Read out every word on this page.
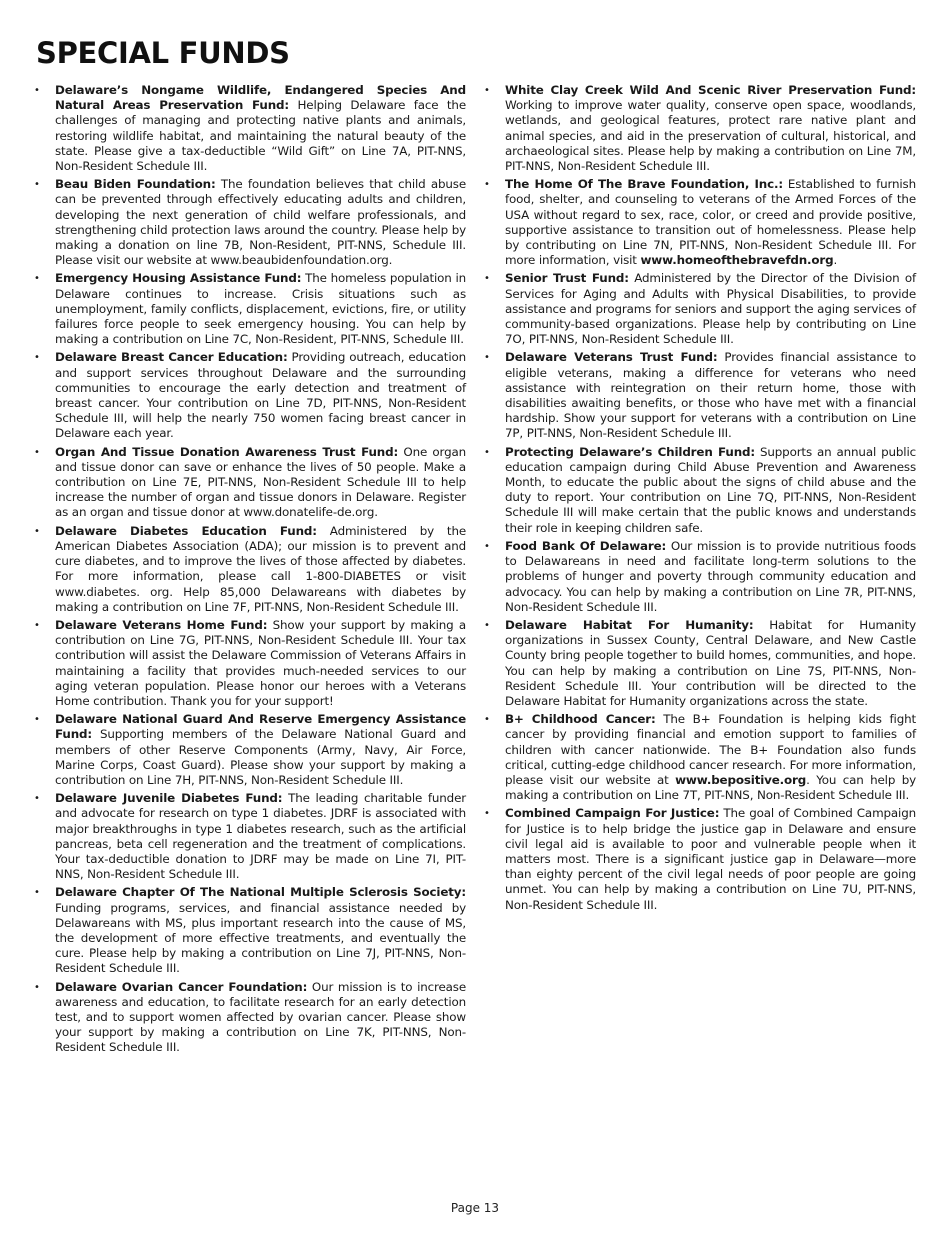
SPECIAL FUNDS
• Delaware’s Nongame Wildlife, Endangered Species And Natural Areas Preservation Fund: Helping Delaware face the challenges of managing and protecting native plants and animals, restoring wildlife habitat, and maintaining the natural beauty of the state. Please give a tax-deductible “Wild Gift” on Line 7A, PIT-NNS, Non-Resident Schedule III.
• Beau Biden Foundation: The foundation believes that child abuse can be prevented through effectively educating adults and children, developing the next generation of child welfare professionals, and strengthening child protection laws around the country. Please help by making a donation on line 7B, Non-Resident, PIT-NNS, Schedule III. Please visit our website at www.beaubidenfoundation.org.
• Emergency Housing Assistance Fund: The homeless population in Delaware continues to increase. Crisis situations such as unemployment, family conflicts, displacement, evictions, fire, or utility failures force people to seek emergency housing. You can help by making a contribution on Line 7C, Non-Resident, PIT-NNS, Schedule III.
• Delaware Breast Cancer Education: Providing outreach, education and support services throughout Delaware and the surrounding communities to encourage the early detection and treatment of breast cancer. Your contribution on Line 7D, PIT-NNS, Non-Resident Schedule III, will help the nearly 750 women facing breast cancer in Delaware each year.
• Organ And Tissue Donation Awareness Trust Fund: One organ and tissue donor can save or enhance the lives of 50 people. Make a contribution on Line 7E, PIT-NNS, Non-Resident Schedule III to help increase the number of organ and tissue donors in Delaware. Register as an organ and tissue donor at www.donatelife-de.org.
• Delaware Diabetes Education Fund: Administered by the American Diabetes Association (ADA); our mission is to prevent and cure diabetes, and to improve the lives of those affected by diabetes. For more information, please call 1-800-DIABETES or visit www.diabetes. org. Help 85,000 Delawareans with diabetes by making a contribution on Line 7F, PIT-NNS, Non-Resident Schedule III.
• Delaware Veterans Home Fund: Show your support by making a contribution on Line 7G, PIT-NNS, Non-Resident Schedule III. Your tax contribution will assist the Delaware Commission of Veterans Affairs in maintaining a facility that provides much-needed services to our aging veteran population. Please honor our heroes with a Veterans Home contribution. Thank you for your support!
• Delaware National Guard And Reserve Emergency Assistance Fund: Supporting members of the Delaware National Guard and members of other Reserve Components (Army, Navy, Air Force, Marine Corps, Coast Guard). Please show your support by making a contribution on Line 7H, PIT-NNS, Non-Resident Schedule III.
• Delaware Juvenile Diabetes Fund: The leading charitable funder and advocate for research on type 1 diabetes. JDRF is associated with major breakthroughs in type 1 diabetes research, such as the artificial pancreas, beta cell regeneration and the treatment of complications. Your tax-deductible donation to JDRF may be made on Line 7I, PIT-NNS, Non-Resident Schedule III.
• Delaware Chapter Of The National Multiple Sclerosis Society: Funding programs, services, and financial assistance needed by Delawareans with MS, plus important research into the cause of MS, the development of more effective treatments, and eventually the cure. Please help by making a contribution on Line 7J, PIT-NNS, Non-Resident Schedule III.
• Delaware Ovarian Cancer Foundation: Our mission is to increase awareness and education, to facilitate research for an early detection test, and to support women affected by ovarian cancer. Please show your support by making a contribution on Line 7K, PIT-NNS, Non-Resident Schedule III.
• White Clay Creek Wild And Scenic River Preservation Fund: Working to improve water quality, conserve open space, woodlands, wetlands, and geological features, protect rare native plant and animal species, and aid in the preservation of cultural, historical, and archaeological sites. Please help by making a contribution on Line 7M, PIT-NNS, Non-Resident Schedule III.
• The Home Of The Brave Foundation, Inc.: Established to furnish food, shelter, and counseling to veterans of the Armed Forces of the USA without regard to sex, race, color, or creed and provide positive, supportive assistance to transition out of homelessness. Please help by contributing on Line 7N, PIT-NNS, Non-Resident Schedule III. For more information, visit www.homeofthebravefdn.org.
• Senior Trust Fund: Administered by the Director of the Division of Services for Aging and Adults with Physical Disabilities, to provide assistance and programs for seniors and support the aging services of community-based organizations. Please help by contributing on Line 7O, PIT-NNS, Non-Resident Schedule III.
• Delaware Veterans Trust Fund: Provides financial assistance to eligible veterans, making a difference for veterans who need assistance with reintegration on their return home, those with disabilities awaiting benefits, or those who have met with a financial hardship. Show your support for veterans with a contribution on Line 7P, PIT-NNS, Non-Resident Schedule III.
• Protecting Delaware’s Children Fund: Supports an annual public education campaign during Child Abuse Prevention and Awareness Month, to educate the public about the signs of child abuse and the duty to report. Your contribution on Line 7Q, PIT-NNS, Non-Resident Schedule III will make certain that the public knows and understands their role in keeping children safe.
• Food Bank Of Delaware: Our mission is to provide nutritious foods to Delawareans in need and facilitate long-term solutions to the problems of hunger and poverty through community education and advocacy. You can help by making a contribution on Line 7R, PIT-NNS, Non-Resident Schedule III.
• Delaware Habitat For Humanity: Habitat for Humanity organizations in Sussex County, Central Delaware, and New Castle County bring people together to build homes, communities, and hope. You can help by making a contribution on Line 7S, PIT-NNS, Non-Resident Schedule III. Your contribution will be directed to the Delaware Habitat for Humanity organizations across the state.
• B+ Childhood Cancer: The B+ Foundation is helping kids fight cancer by providing financial and emotion support to families of children with cancer nationwide. The B+ Foundation also funds critical, cutting-edge childhood cancer research. For more information, please visit our website at www.bepositive.org. You can help by making a contribution on Line 7T, PIT-NNS, Non-Resident Schedule III.
• Combined Campaign For Justice: The goal of Combined Campaign for Justice is to help bridge the justice gap in Delaware and ensure civil legal aid is available to poor and vulnerable people when it matters most. There is a significant justice gap in Delaware—more than eighty percent of the civil legal needs of poor people are going unmet. You can help by making a contribution on Line 7U, PIT-NNS, Non-Resident Schedule III.
Page 13
